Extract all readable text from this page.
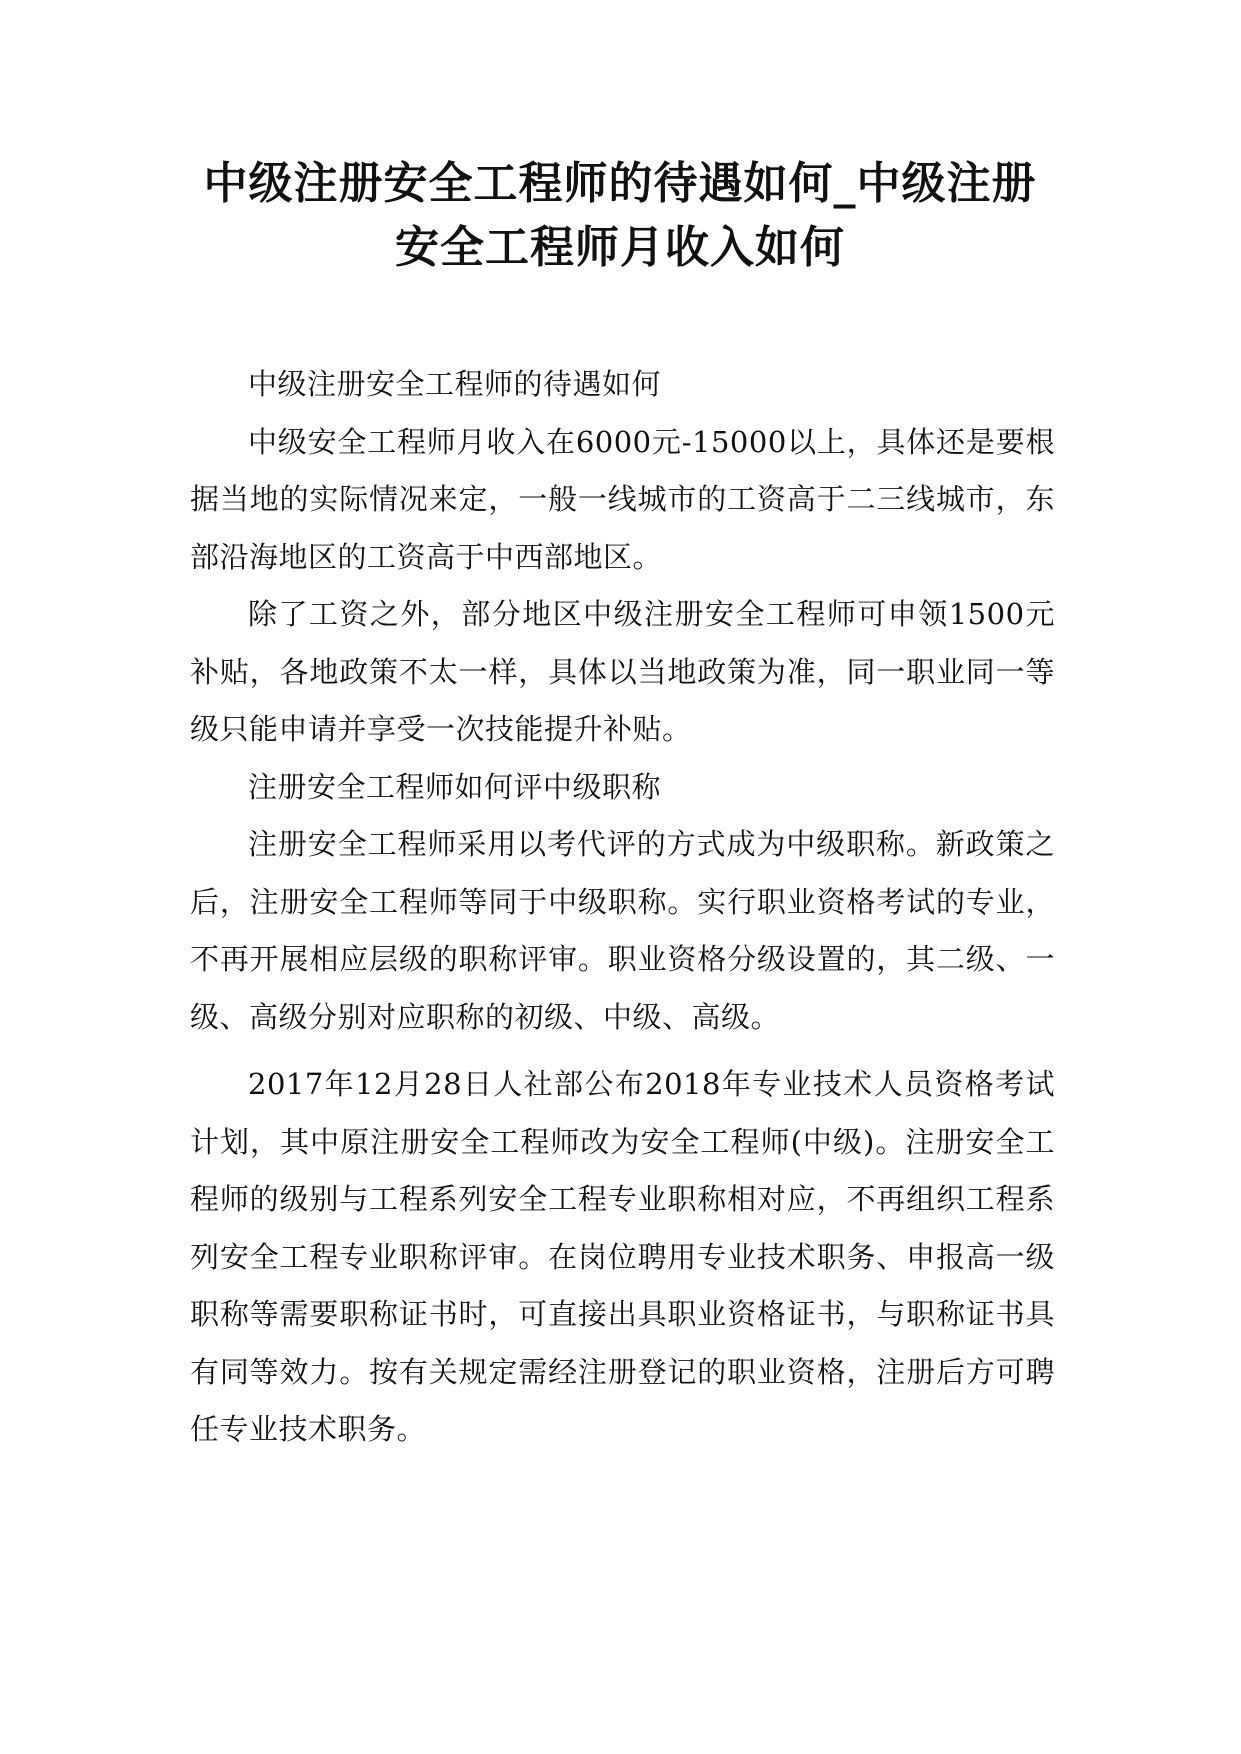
中级注册安全工程师的待遇如何_中级注册
安全工程师月收入如何

中级注册安全工程师的待遇如何

中级安全工程师月收入在6000元-15000以上，具体还是要根据当地的实际情况来定，一般一线城市的工资高于二三线城市，东部沿海地区的工资高于中西部地区。

除了工资之外，部分地区中级注册安全工程师可申领1500元补贴，各地政策不太一样，具体以当地政策为准，同一职业同一等级只能申请并享受一次技能提升补贴。

注册安全工程师如何评中级职称

注册安全工程师采用以考代评的方式成为中级职称。新政策之后，注册安全工程师等同于中级职称。实行职业资格考试的专业，不再开展相应层级的职称评审。职业资格分级设置的，其二级、一级、高级分别对应职称的初级、中级、高级。

2017年12月28日人社部公布2018年专业技术人员资格考试计划，其中原注册安全工程师改为安全工程师(中级)。注册安全工程师的级别与工程系列安全工程专业职称相对应，不再组织工程系列安全工程专业职称评审。在岗位聘用专业技术职务、申报高一级职称等需要职称证书时，可直接出具职业资格证书，与职称证书具有同等效力。按有关规定需经注册登记的职业资格，注册后方可聘任专业技术职务。
